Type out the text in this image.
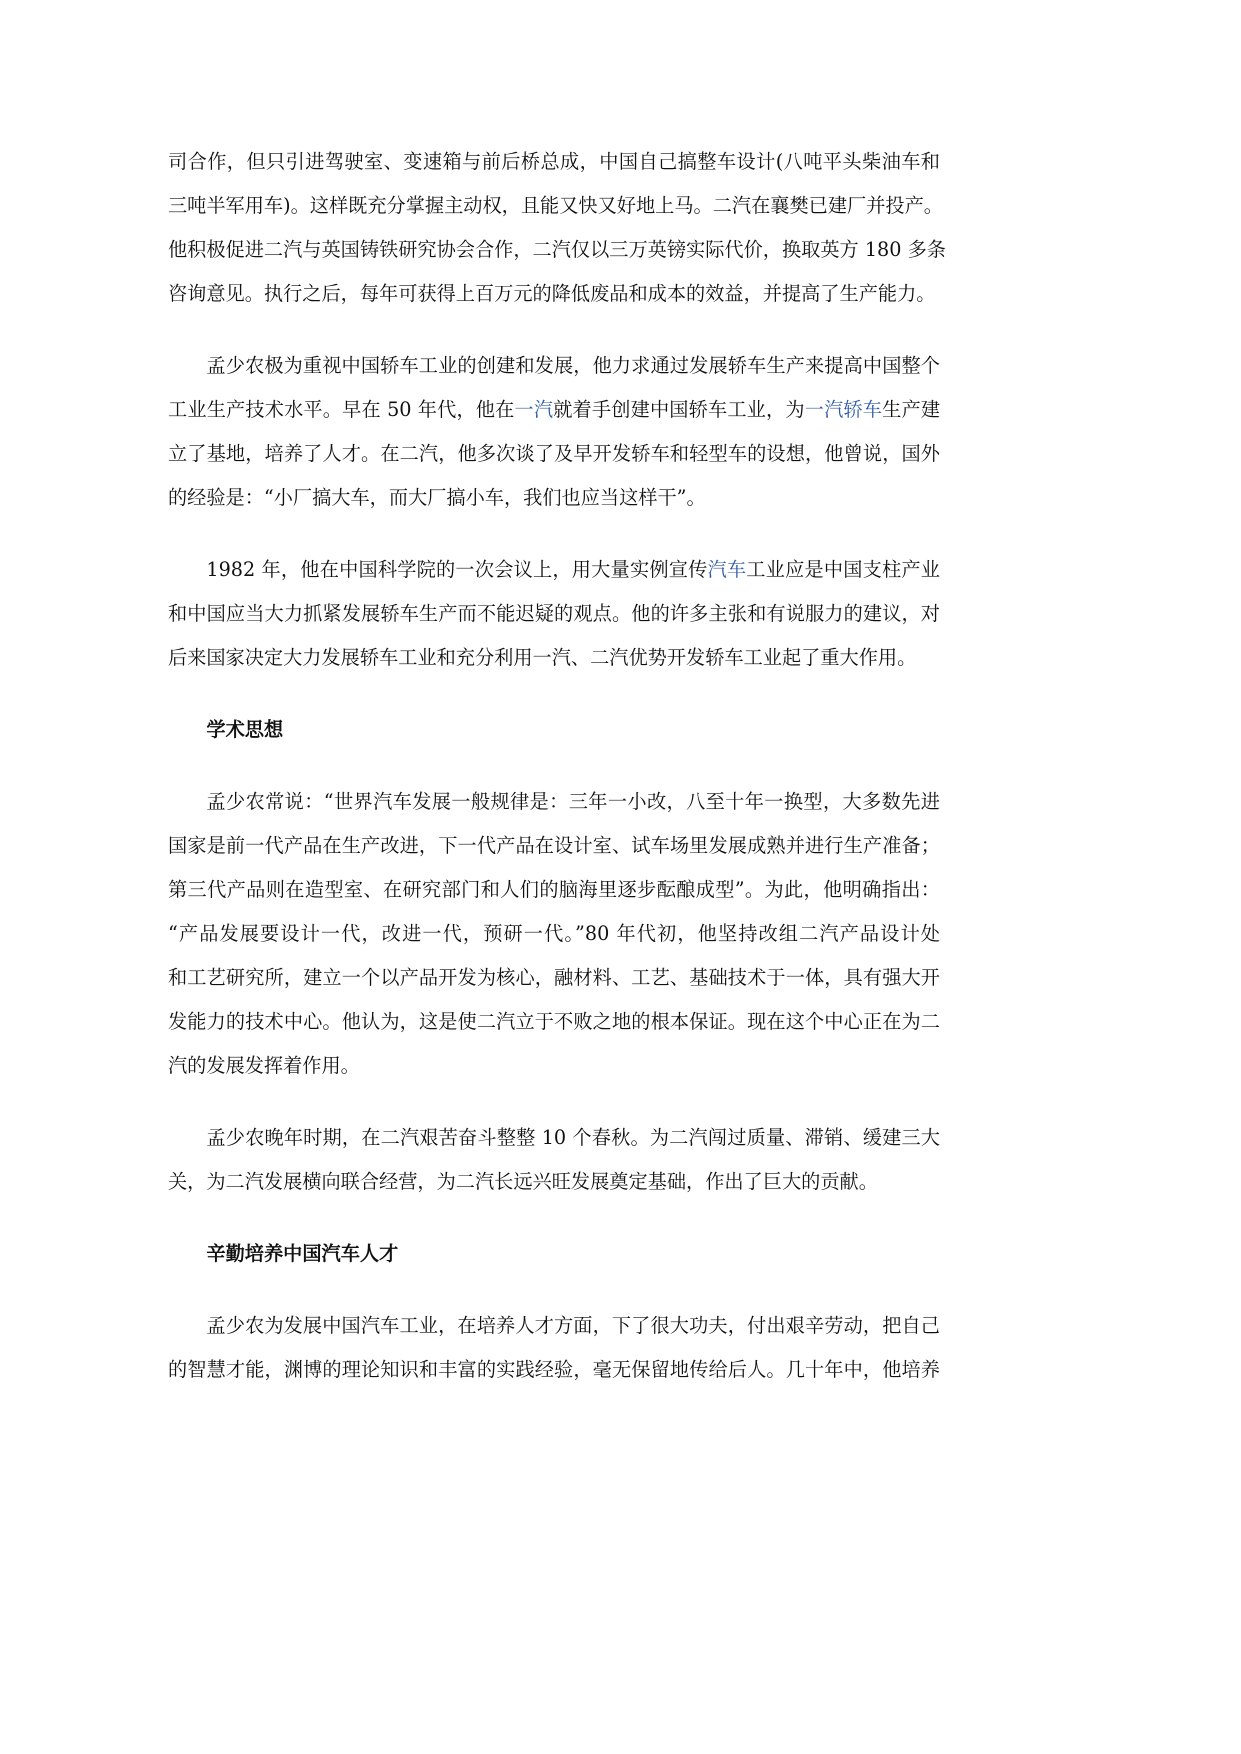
司合作，但只引进驾驶室、变速箱与前后桥总成，中国自己搞整车设计(八吨平头柴油车和
三吨半军用车)。这样既充分掌握主动权，且能又快又好地上马。二汽在襄樊已建厂并投产。
他积极促进二汽与英国铸铁研究协会合作，二汽仅以三万英镑实际代价，换取英方 180 多条
咨询意见。执行之后，每年可获得上百万元的降低废品和成本的效益，并提高了生产能力。
孟少农极为重视中国轿车工业的创建和发展，他力求通过发展轿车生产来提高中国整个
工业生产技术水平。早在 50 年代，他在一汽就着手创建中国轿车工业，为一汽轿车生产建
立了基地，培养了人才。在二汽，他多次谈了及早开发轿车和轻型车的设想，他曾说，国外
的经验是：“小厂搞大车，而大厂搞小车，我们也应当这样干”。
1982 年，他在中国科学院的一次会议上，用大量实例宣传汽车工业应是中国支柱产业
和中国应当大力抓紧发展轿车生产而不能迟疑的观点。他的许多主张和有说服力的建议，对
后来国家决定大力发展轿车工业和充分利用一汽、二汽优势开发轿车工业起了重大作用。
学术思想
孟少农常说：“世界汽车发展一般规律是：三年一小改，八至十年一换型，大多数先进
国家是前一代产品在生产改进，下一代产品在设计室、试车场里发展成熟并进行生产准备；
第三代产品则在造型室、在研究部门和人们的脑海里逐步酝酿成型”。为此，他明确指出：
“产品发展要设计一代，改进一代，预研一代。”80 年代初，他坚持改组二汽产品设计处
和工艺研究所，建立一个以产品开发为核心，融材料、工艺、基础技术于一体，具有强大开
发能力的技术中心。他认为，这是使二汽立于不败之地的根本保证。现在这个中心正在为二
汽的发展发挥着作用。
孟少农晚年时期，在二汽艰苦奋斗整整 10 个春秋。为二汽闯过质量、滞销、缓建三大
关，为二汽发展横向联合经营，为二汽长远兴旺发展奠定基础，作出了巨大的贡献。
辛勤培养中国汽车人才
孟少农为发展中国汽车工业，在培养人才方面，下了很大功夫，付出艰辛劳动，把自己
的智慧才能，渊博的理论知识和丰富的实践经验，毫无保留地传给后人。几十年中，他培养
